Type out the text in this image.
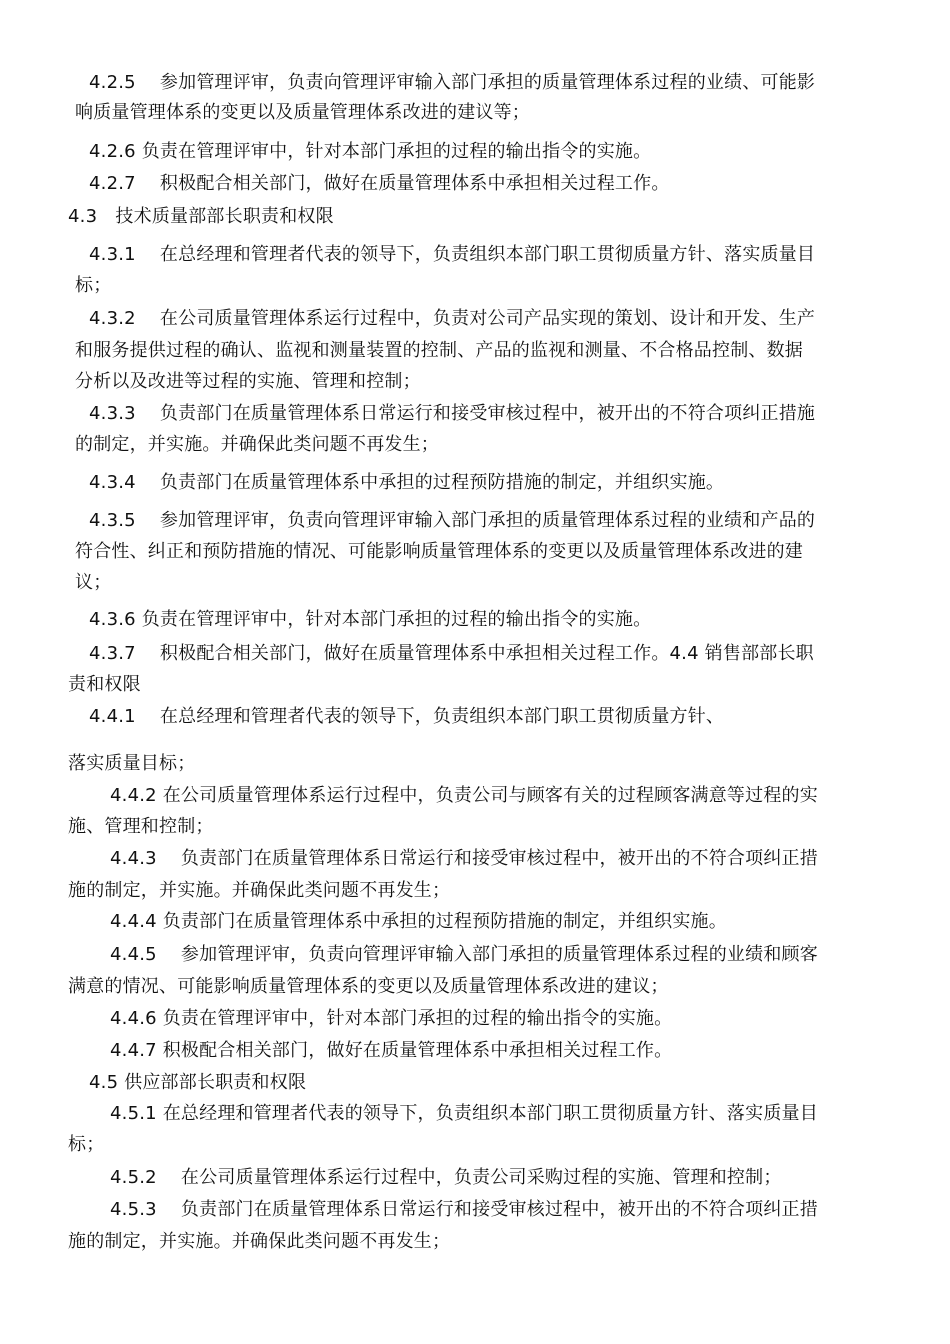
4.2.5　 参加管理评审，负责向管理评审输入部门承担的质量管理体系过程的业绩、可能影
响质量管理体系的变更以及质量管理体系改进的建议等；
4.2.6 负责在管理评审中，针对本部门承担的过程的输出指令的实施。
4.2.7　 积极配合相关部门，做好在质量管理体系中承担相关过程工作。
4.3　技术质量部部长职责和权限
4.3.1　 在总经理和管理者代表的领导下，负责组织本部门职工贯彻质量方针、落实质量目
标；
4.3.2　 在公司质量管理体系运行过程中，负责对公司产品实现的策划、设计和开发、生产
和服务提供过程的确认、监视和测量装置的控制、产品的监视和测量、不合格品控制、数据
分析以及改进等过程的实施、管理和控制；
4.3.3　 负责部门在质量管理体系日常运行和接受审核过程中，被开出的不符合项纠正措施
的制定，并实施。并确保此类问题不再发生；
4.3.4　 负责部门在质量管理体系中承担的过程预防措施的制定，并组织实施。
4.3.5　 参加管理评审，负责向管理评审输入部门承担的质量管理体系过程的业绩和产品的
符合性、纠正和预防措施的情况、可能影响质量管理体系的变更以及质量管理体系改进的建
议；
4.3.6 负责在管理评审中，针对本部门承担的过程的输出指令的实施。
4.3.7　 积极配合相关部门，做好在质量管理体系中承担相关过程工作。4.4 销售部部长职
责和权限
4.4.1　 在总经理和管理者代表的领导下，负责组织本部门职工贯彻质量方针、
落实质量目标；
4.4.2 在公司质量管理体系运行过程中，负责公司与顾客有关的过程顾客满意等过程的实
施、管理和控制；
4.4.3　 负责部门在质量管理体系日常运行和接受审核过程中，被开出的不符合项纠正措
施的制定，并实施。并确保此类问题不再发生；
4.4.4 负责部门在质量管理体系中承担的过程预防措施的制定，并组织实施。
4.4.5　 参加管理评审，负责向管理评审输入部门承担的质量管理体系过程的业绩和顾客
满意的情况、可能影响质量管理体系的变更以及质量管理体系改进的建议；
4.4.6 负责在管理评审中，针对本部门承担的过程的输出指令的实施。
4.4.7 积极配合相关部门，做好在质量管理体系中承担相关过程工作。
4.5 供应部部长职责和权限
4.5.1 在总经理和管理者代表的领导下，负责组织本部门职工贯彻质量方针、落实质量目
标；
4.5.2　 在公司质量管理体系运行过程中，负责公司采购过程的实施、管理和控制；
4.5.3　 负责部门在质量管理体系日常运行和接受审核过程中，被开出的不符合项纠正措
施的制定，并实施。并确保此类问题不再发生；
